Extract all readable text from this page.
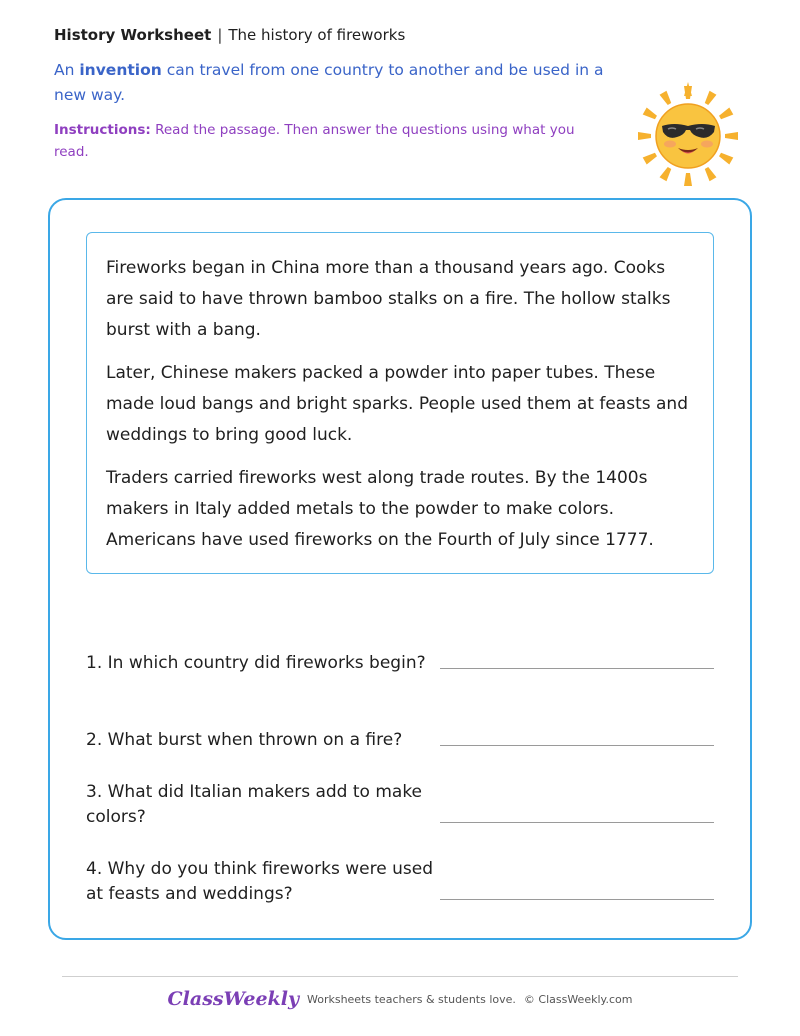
History Worksheet | The history of fireworks
An invention can travel from one country to another and be used in a new way.
Instructions: Read the passage. Then answer the questions using what you read.

Fireworks began in China more than a thousand years ago. Cooks are said to have thrown bamboo stalks on a fire. The hollow stalks burst with a bang.

Later, Chinese makers packed a powder into paper tubes. These made loud bangs and bright sparks. People used them at feasts and weddings to bring good luck.

Traders carried fireworks west along trade routes. By the 1400s makers in Italy added metals to the powder to make colors. Americans have used fireworks on the Fourth of July since 1777.

1. In which country did fireworks begin?
2. What burst when thrown on a fire?
3. What did Italian makers add to make colors?
4. Why do you think fireworks were used at feasts and weddings?
ClassWeekly Worksheets teachers & students love. © ClassWeekly.com
